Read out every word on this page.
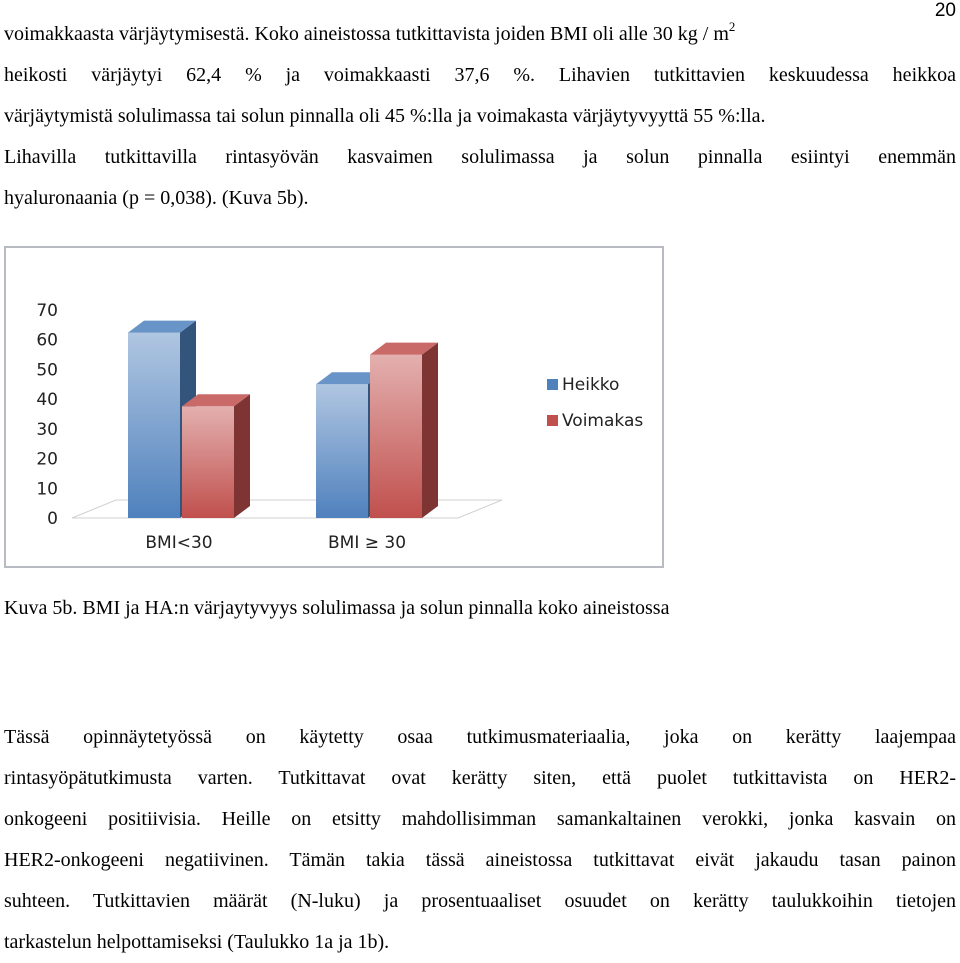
20
voimakkaasta värjäytymisestä. Koko aineistossa tutkittavista joiden BMI oli alle 30 kg / $m^2$
heikosti värjäytyi 62,4 % ja voimakkaasti 37,6 %. Lihavien tutkittavien keskuudessa heikkoa
värjäytymistä solulimassa tai solun pinnalla oli 45 %:lla ja voimakasta värjäytyvyyttä 55 %:lla.
Lihavilla tutkittavilla rintasyövän kasvaimen solulimassa ja solun pinnalla esiintyi enemmän
hyaluronaania (p = 0,038). (Kuva 5b).
0
10
20
30
40
50
60
70
BMI<30	BMI ≥ 30
Heikko
Voimakas
Kuva 5b. BMI ja HA:n värjaytyvyys solulimassa ja solun pinnalla koko aineistossa
Tässä opinnäytetyössä on käytetty osaa tutkimusmateriaalia, joka on kerätty laajempaa
rintasyöpätutkimusta varten. Tutkittavat ovat kerätty siten, että puolet tutkittavista on HER2-
onkogeeni positiivisia. Heille on etsitty mahdollisimman samankaltainen verokki, jonka kasvain on
HER2-onkogeeni negatiivinen. Tämän takia tässä aineistossa tutkittavat eivät jakaudu tasan painon
suhteen. Tutkittavien määrät (N-luku) ja prosentuaaliset osuudet on kerätty taulukkoihin tietojen
tarkastelun helpottamiseksi (Taulukko 1a ja 1b).
